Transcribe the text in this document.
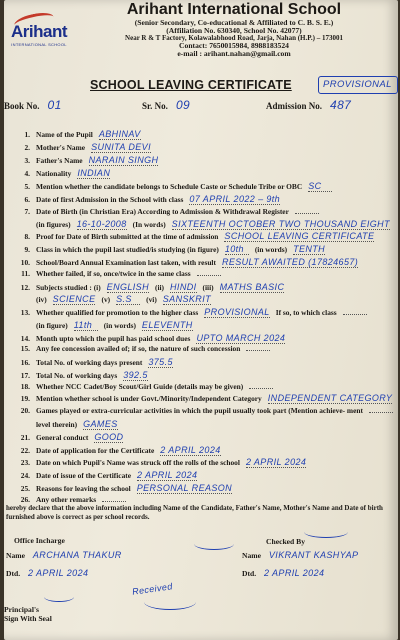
Arihant
INTERNATIONAL SCHOOL
Arihant International School
(Senior Secondary, Co-educational & Affiliated to C. B. S. E.)
(Affiliation No. 630340, School No. 42077)
Near R & T Factory, Kolawalabhood Road, Jarja, Nahan (H.P.) – 173001
Contact: 7650015984, 8988183524
e-mail : arihant.nahan@gmail.com
SCHOOL LEAVING CERTIFICATE	PROVISIONAL
Book No. 01	Sr. No. 09	Admission No. 487
1. Name of the Pupil ABHINAV
2. Mother's Name SUNITA DEVI
3. Father's Name NARAIN SINGH
4. Nationality INDIAN
5. Mention whether the candidate belongs to Schedule Caste or Schedule Tribe or OBC SC
6. Date of first Admission in the School with class 07 APRIL 2022 – 9th
7. Date of Birth (in Christian Era) According to Admission & Withdrawal Register
(in figures) 16-10-2008 (In words) SIXTEENTH OCTOBER TWO THOUSAND EIGHT
8. Proof for Date of Birth submitted at the time of admission SCHOOL LEAVING CERTIFICATE
9. Class in which the pupil last studied/is studying (in figure) 10th (in words) TENTH
10. School/Board Annual Examination last taken, with result RESULT AWAITED (17824657)
11. Whether failed, if so, once/twice in the same class
12. Subjects studied : (i) ENGLISH (ii) HINDI (iii) MATHS BASIC
(iv) SCIENCE (v) S.S (vi) SANSKRIT
13. Whether qualified for promotion to the higher class PROVISIONAL If so, to which class
(in figure) 11th (in words) ELEVENTH
14. Month upto which the pupil has paid school dues UPTO MARCH 2024
15. Any fee concession availed of; if so, the nature of such concession
16. Total No. of working days present 375.5
17. Total No. of working days 392.5
18. Whether NCC Cadet/Boy Scout/Girl Guide (details may be given)
19. Mention whether school is under Govt./Minority/Independent Category INDEPENDENT CATEGORY
20. Games played or extra-curricular activities in which the pupil usually took part (Mention achieve- ment
level therein) GAMES
21. General conduct GOOD
22. Date of application for the Certificate 2 APRIL 2024
23. Date on which Pupil's Name was struck off the rolls of the school 2 APRIL 2024
24. Date of issue of the Certificate 2 APRIL 2024
25. Reasons for leaving the school PERSONAL REASON
26. Any other remarks
hereby declare that the above information including Name of the Candidate, Father's Name, Mother's Name and Date of birth furnished above is correct as per school records.
Office Incharge
Name ARCHANA THAKUR
Dtd. 2 APRIL 2024
Checked By
Name VIKRANT KASHYAP
Dtd. 2 APRIL 2024
Received
Principal's Sign With Seal
